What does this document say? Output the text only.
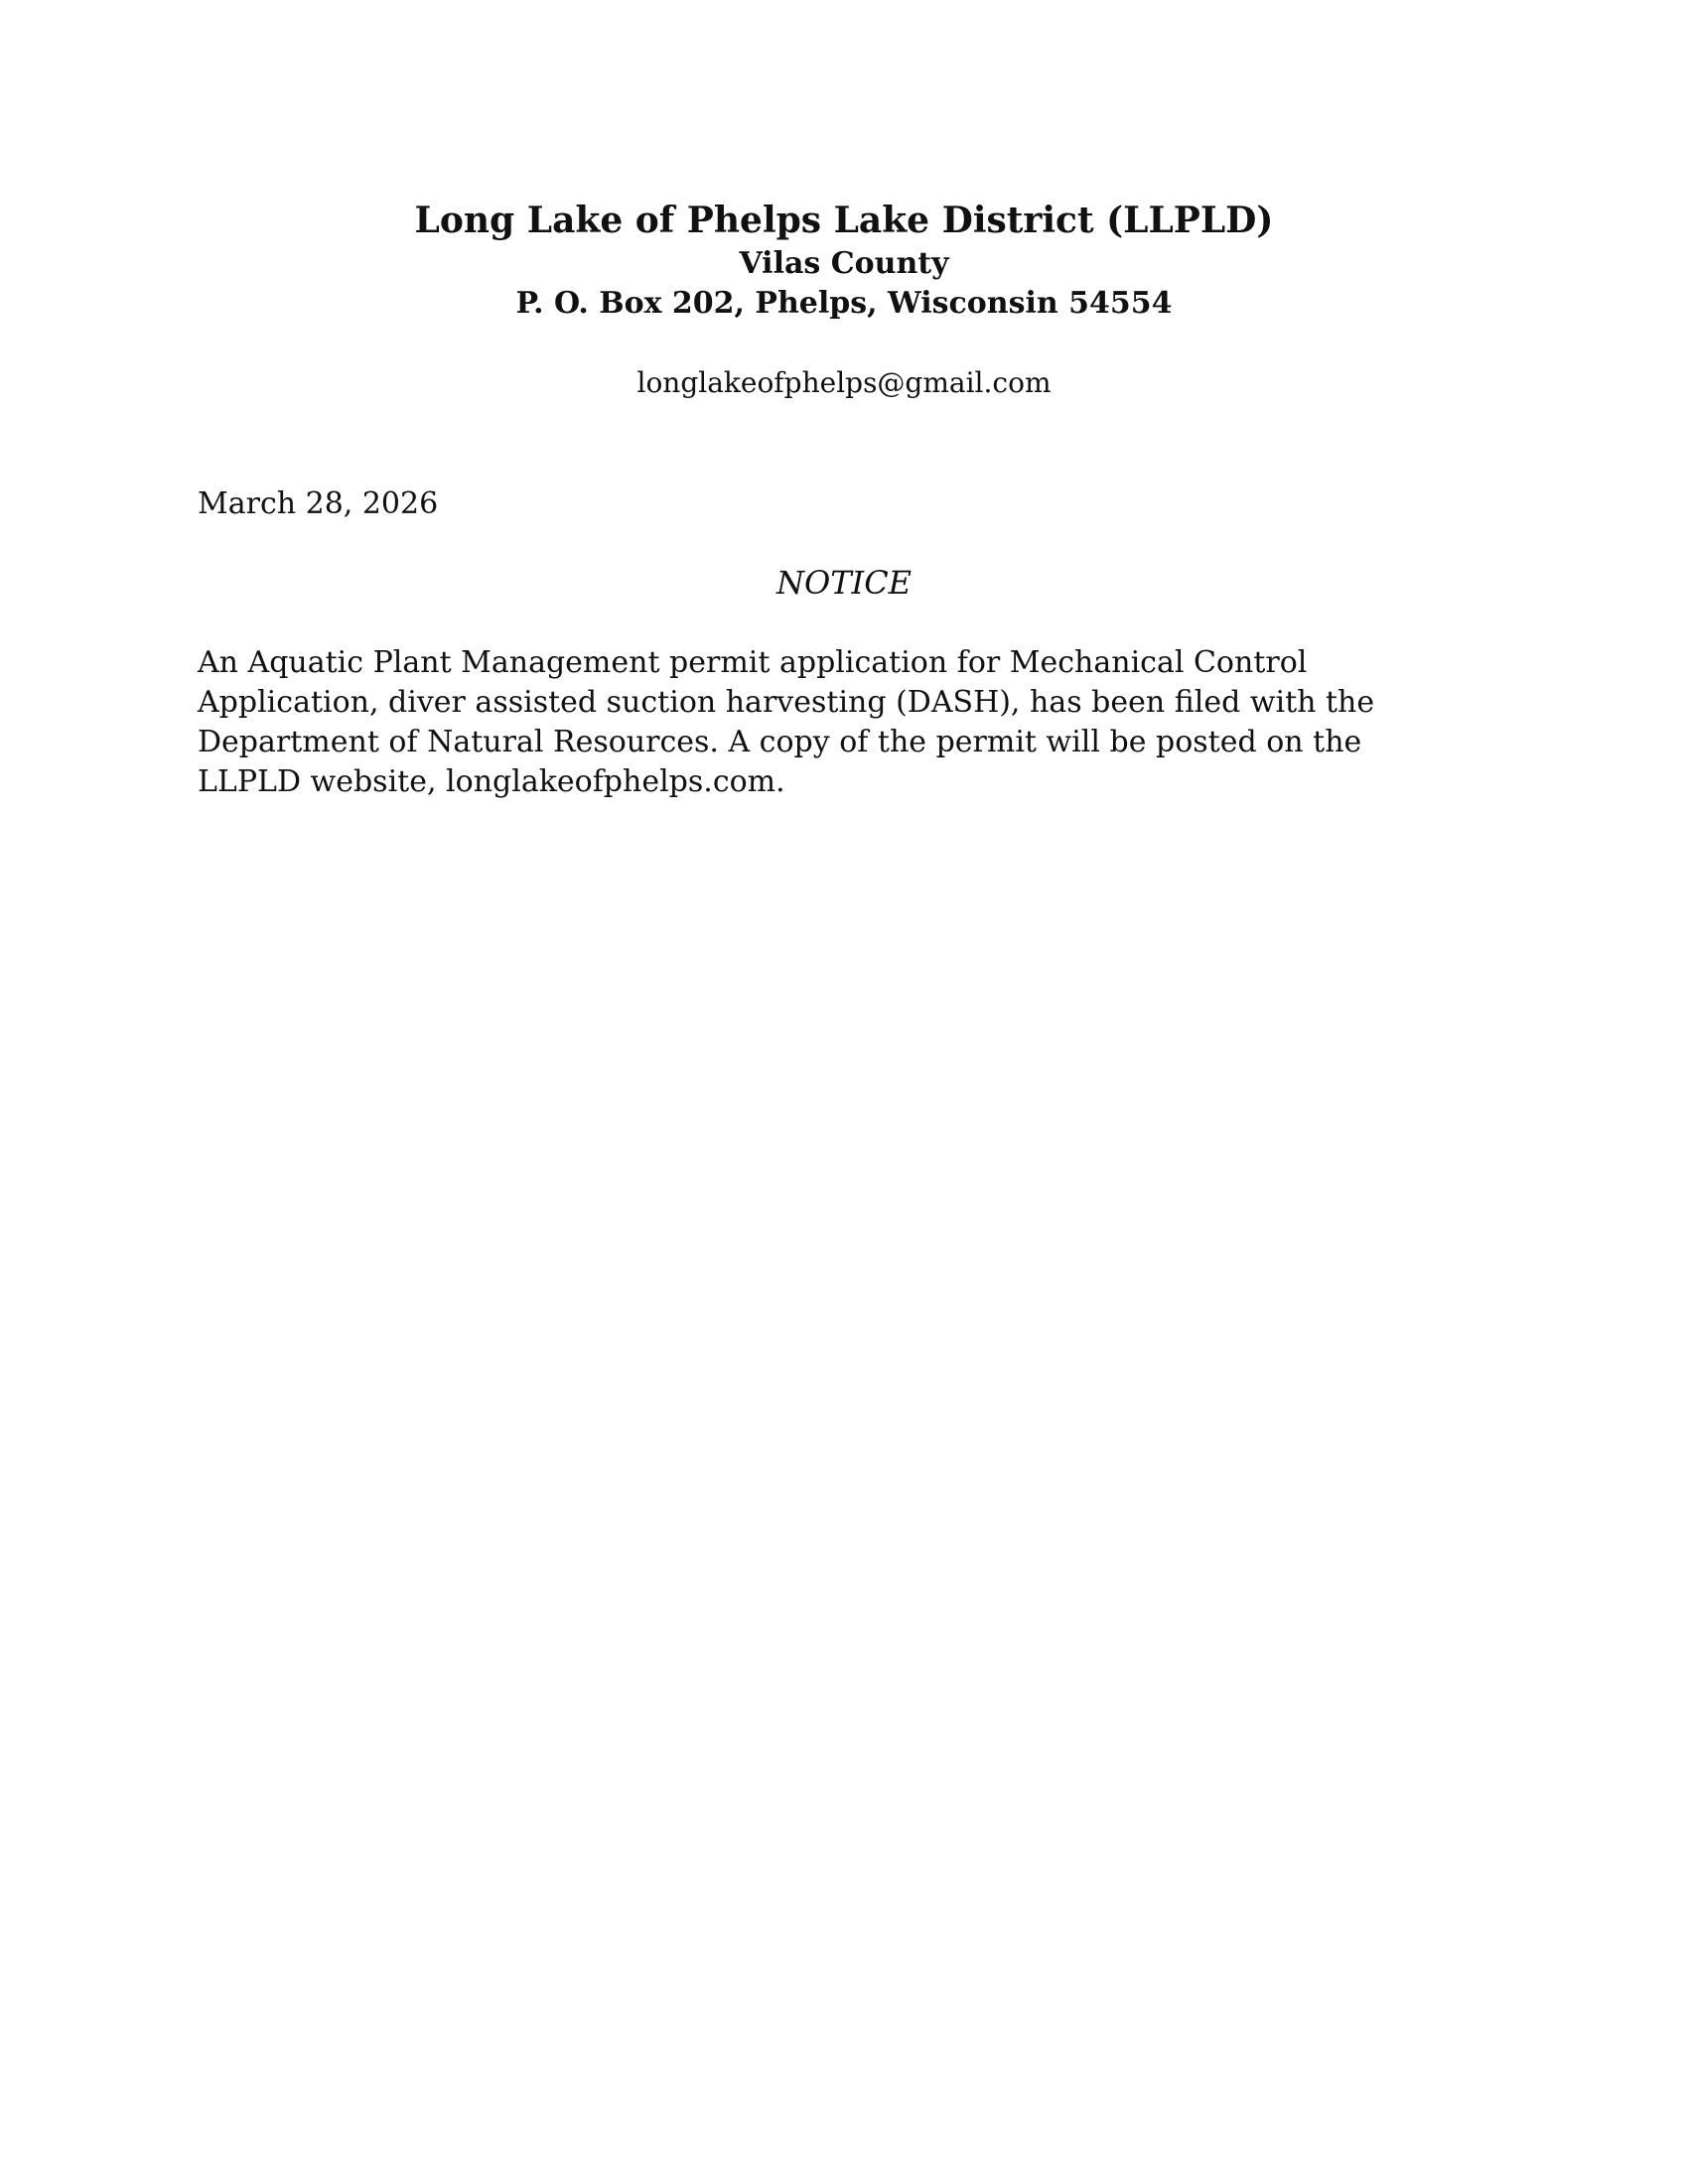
Long Lake of Phelps Lake District (LLPLD)

Vilas County

P. O. Box 202, Phelps, Wisconsin 54554

longlakeofphelps@gmail.com

March 28, 2026

NOTICE

An Aquatic Plant Management permit application for Mechanical Control Application, diver assisted suction harvesting (DASH), has been filed with the Department of Natural Resources. A copy of the permit will be posted on the LLPLD website, longlakeofphelps.com.
